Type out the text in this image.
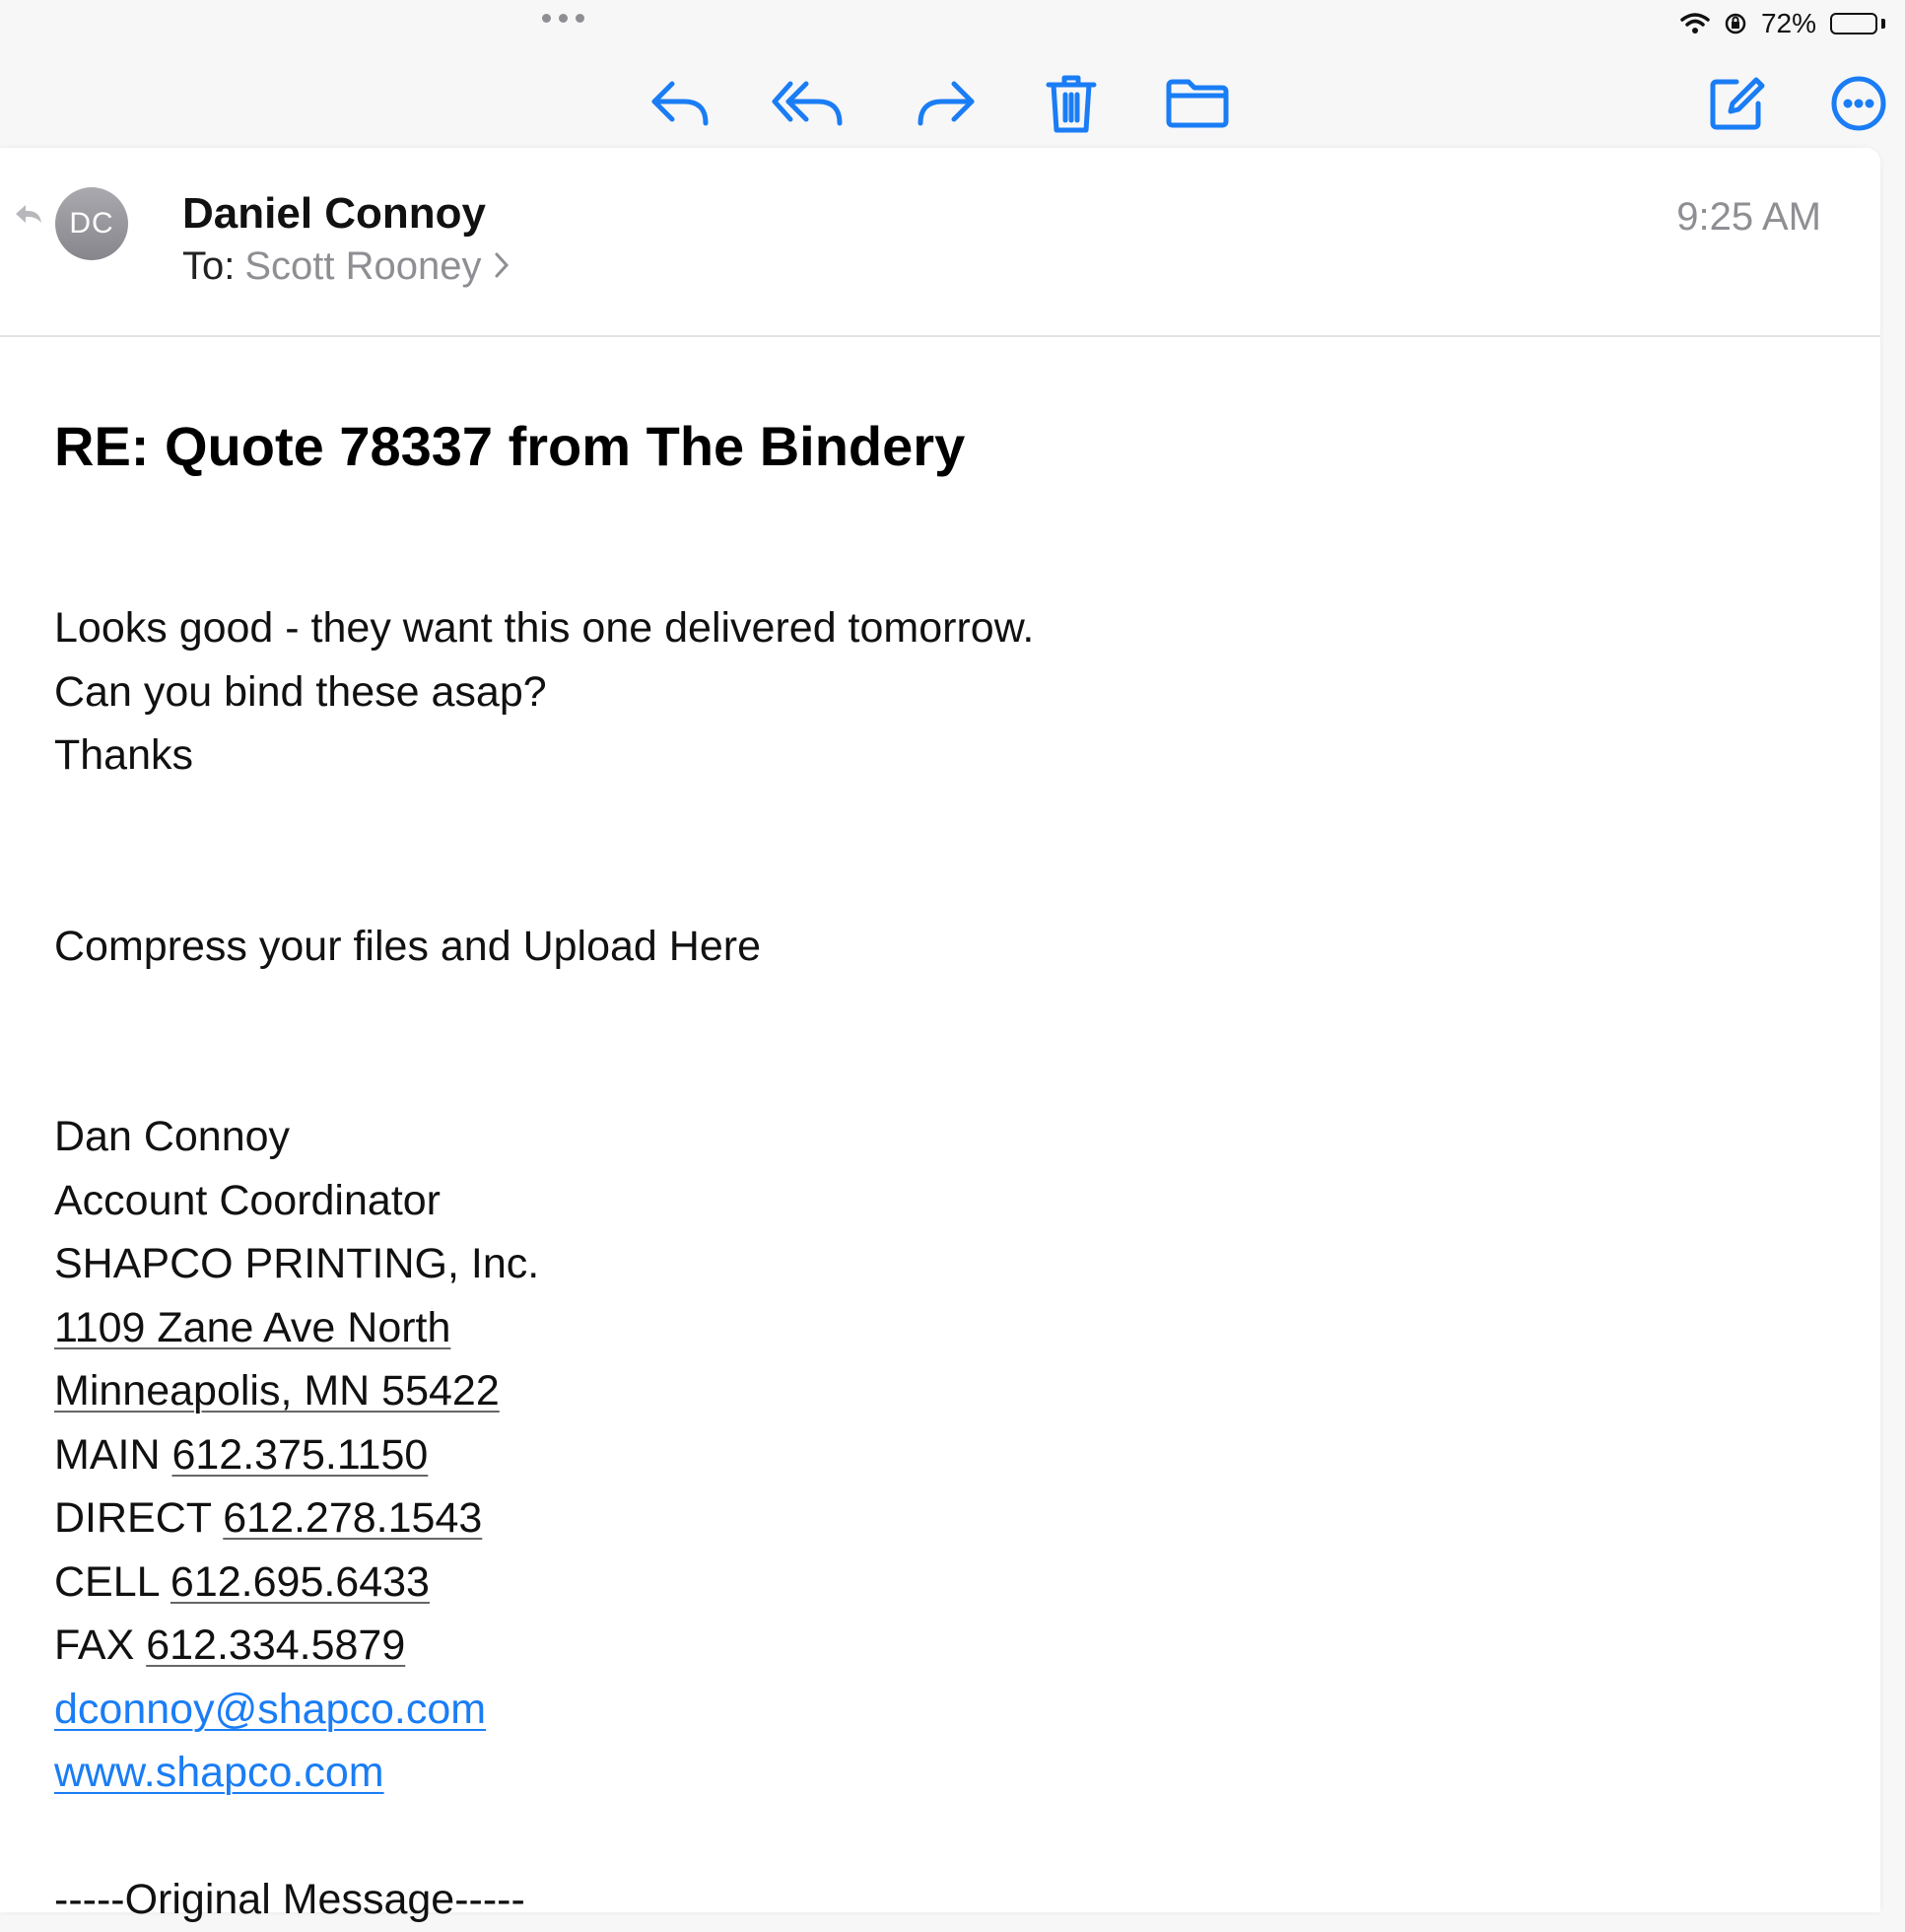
72%
DC	Daniel Connoy
To: Scott Rooney
9:25 AM
RE: Quote 78337 from The Bindery
Looks good - they want this one delivered tomorrow.
Can you bind these asap?
Thanks
Compress your files and Upload Here
Dan Connoy
Account Coordinator
SHAPCO PRINTING, Inc.
1109 Zane Ave North
Minneapolis, MN 55422
MAIN 612.375.1150
DIRECT 612.278.1543
CELL 612.695.6433
FAX 612.334.5879
dconnoy@shapco.com
www.shapco.com
-----Original Message-----
